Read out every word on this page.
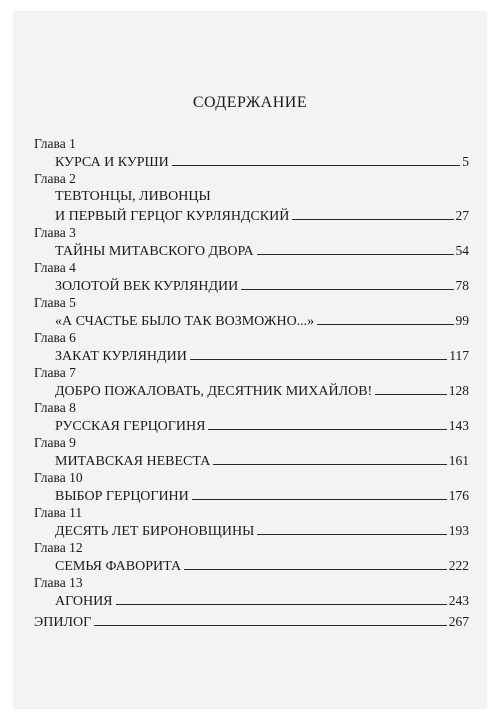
СОДЕРЖАНИЕ
Глава 1
КУРСА И КУРШИ	5
Глава 2
ТЕВТОНЦЫ, ЛИВОНЦЫ
И ПЕРВЫЙ ГЕРЦОГ КУРЛЯНДСКИЙ	27
Глава 3
ТАЙНЫ МИТАВСКОГО ДВОРА	54
Глава 4
ЗОЛОТОЙ ВЕК КУРЛЯНДИИ	78
Глава 5
«А СЧАСТЬЕ БЫЛО ТАК ВОЗМОЖНО...»	99
Глава 6
ЗАКАТ КУРЛЯНДИИ	117
Глава 7
ДОБРО ПОЖАЛОВАТЬ, ДЕСЯТНИК МИХАЙЛОВ!	128
Глава 8
РУССКАЯ ГЕРЦОГИНЯ	143
Глава 9
МИТАВСКАЯ НЕВЕСТА	161
Глава 10
ВЫБОР ГЕРЦОГИНИ	176
Глава 11
ДЕСЯТЬ ЛЕТ БИРОНОВЩИНЫ	193
Глава 12
СЕМЬЯ ФАВОРИТА	222
Глава 13
АГОНИЯ	243
ЭПИЛОГ	267
